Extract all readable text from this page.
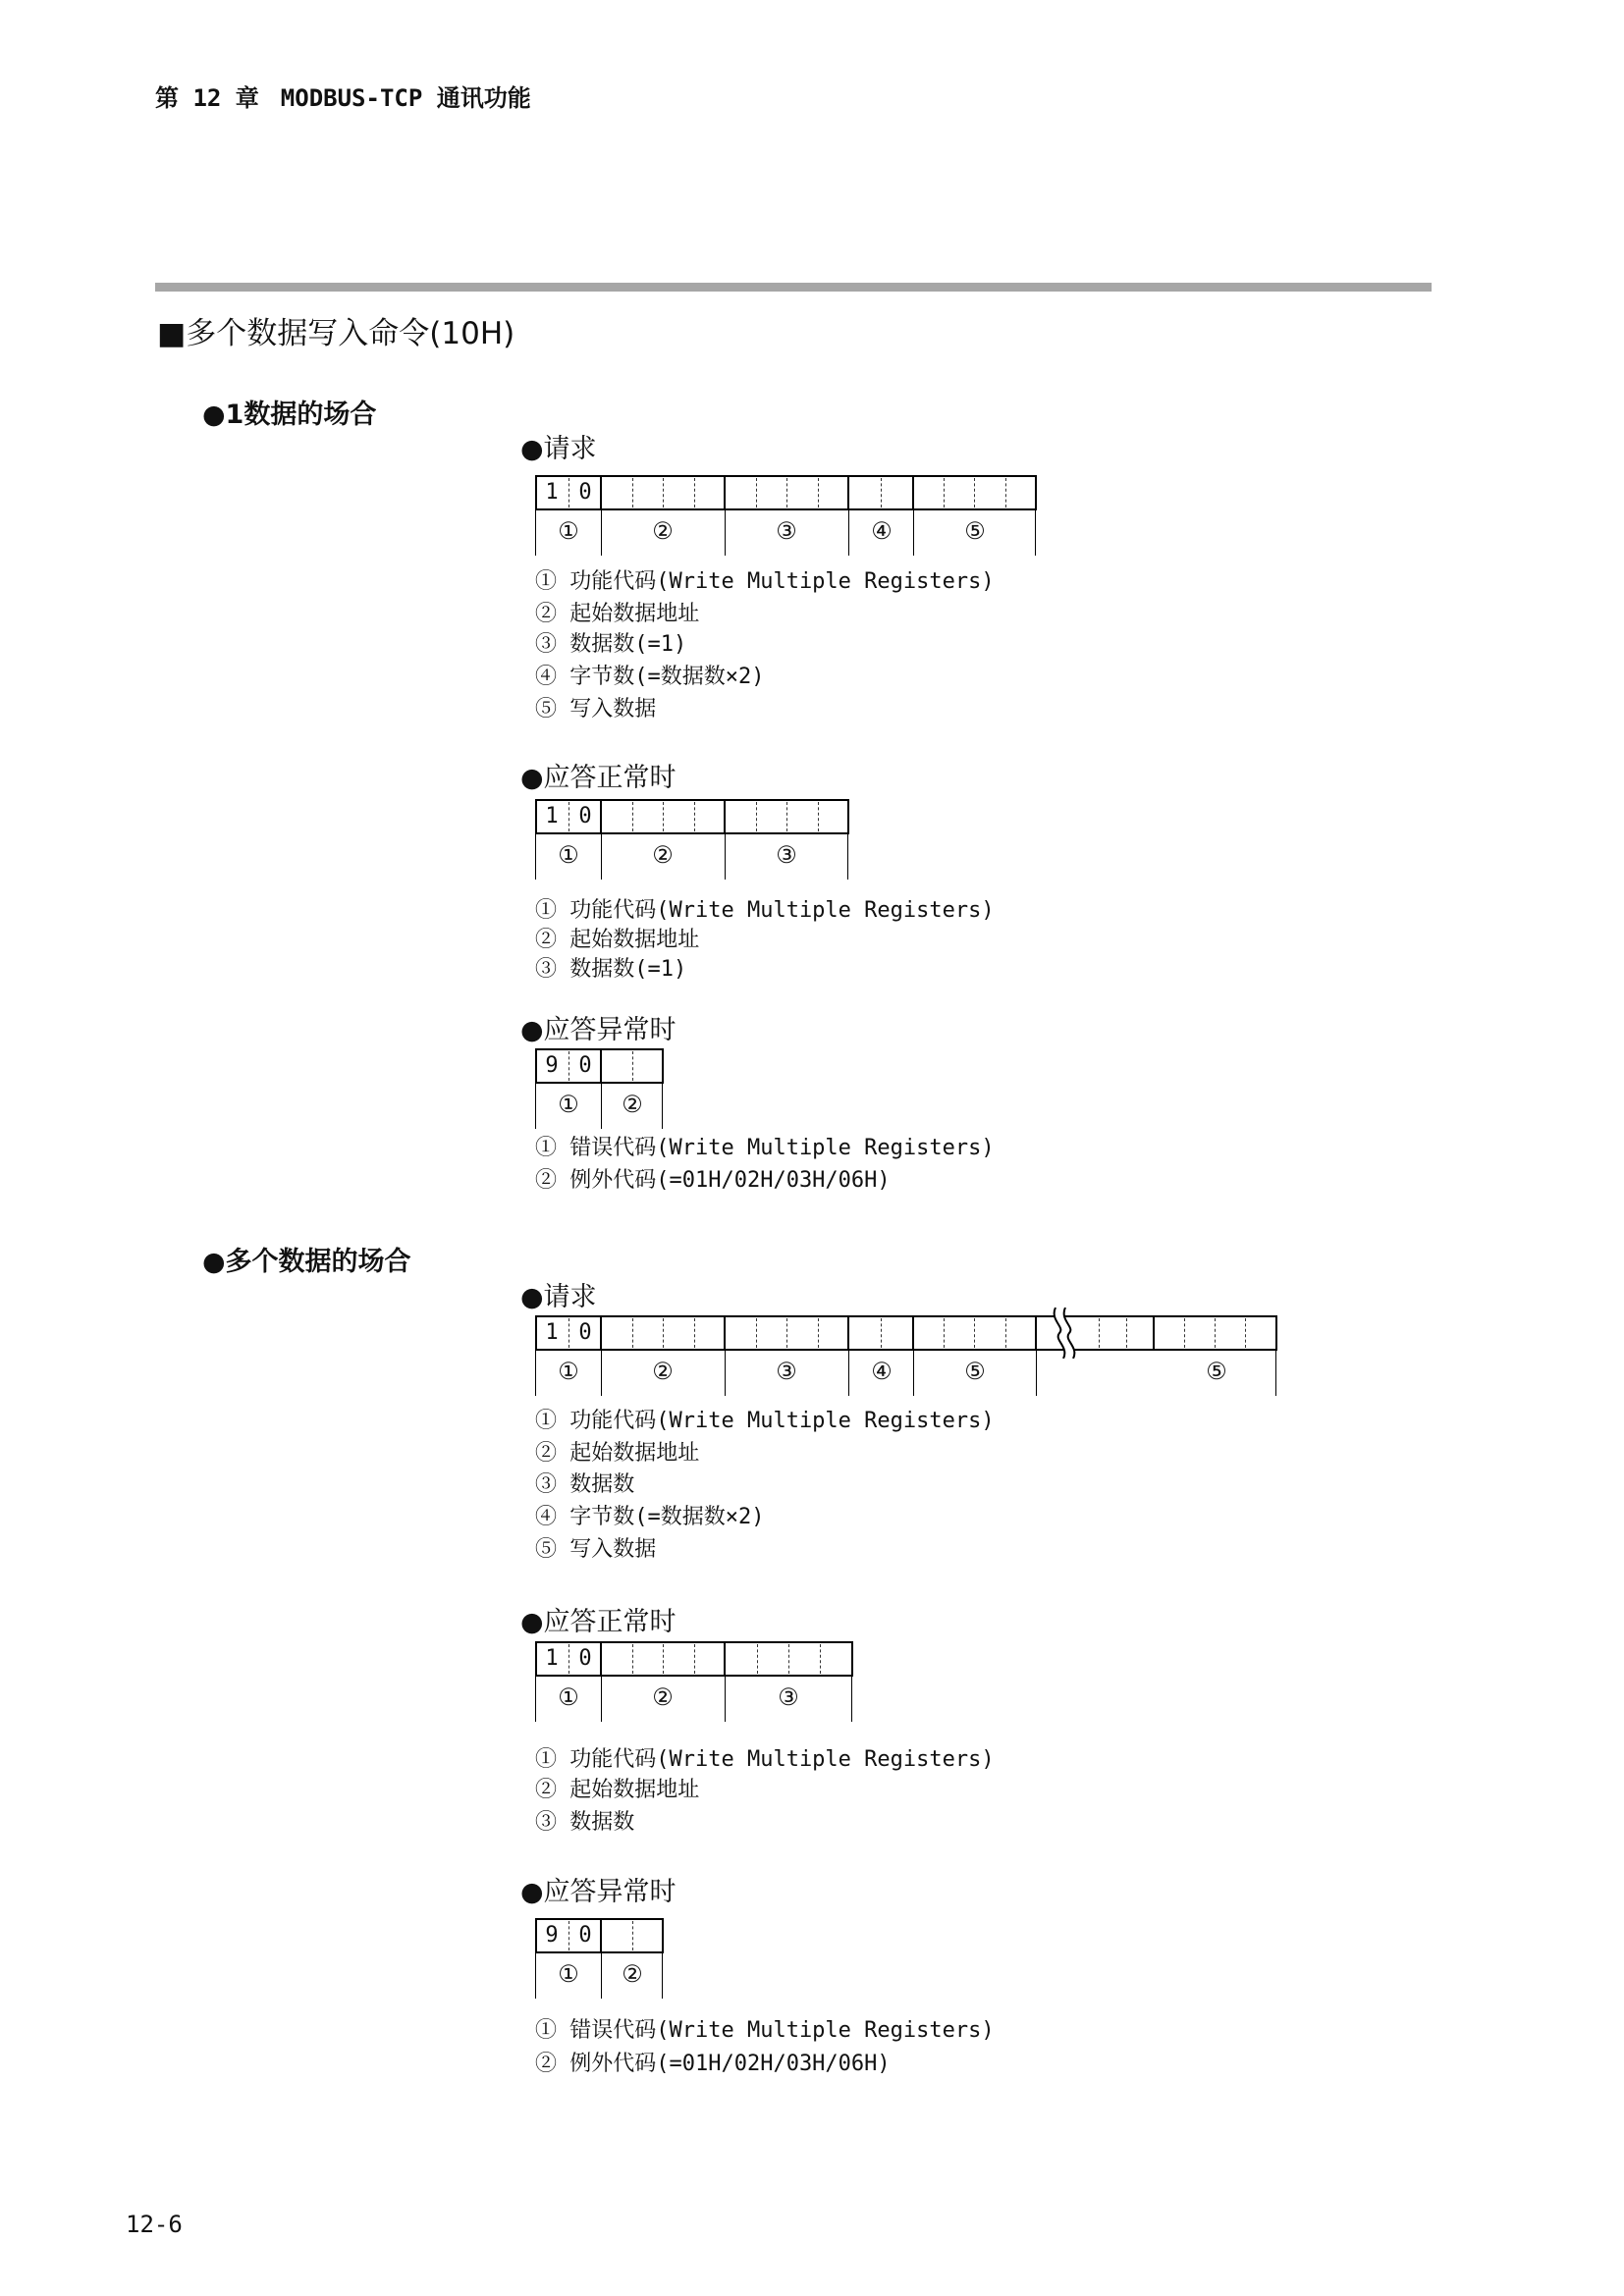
第 12 章 MODBUS-TCP 通讯功能
■多个数据写入命令(10H)
●1数据的场合
●请求
1 0
①	②	③	④	⑤
① 功能代码(Write Multiple Registers)
② 起始数据地址
③ 数据数(=1)
④ 字节数(=数据数×2)
⑤ 写入数据
●应答正常时
1 0
①	②	③
① 功能代码(Write Multiple Registers)
② 起始数据地址
③ 数据数(=1)
●应答异常时
9 0
①	②
① 错误代码(Write Multiple Registers)
② 例外代码(=01H/02H/03H/06H)
●多个数据的场合
●请求
1 0
①	②	③	④	⑤	⑤
① 功能代码(Write Multiple Registers)
② 起始数据地址
③ 数据数
④ 字节数(=数据数×2)
⑤ 写入数据
●应答正常时
1 0
①	②	③
① 功能代码(Write Multiple Registers)
② 起始数据地址
③ 数据数
●应答异常时
9 0
①	②
① 错误代码(Write Multiple Registers)
② 例外代码(=01H/02H/03H/06H)
12-6
